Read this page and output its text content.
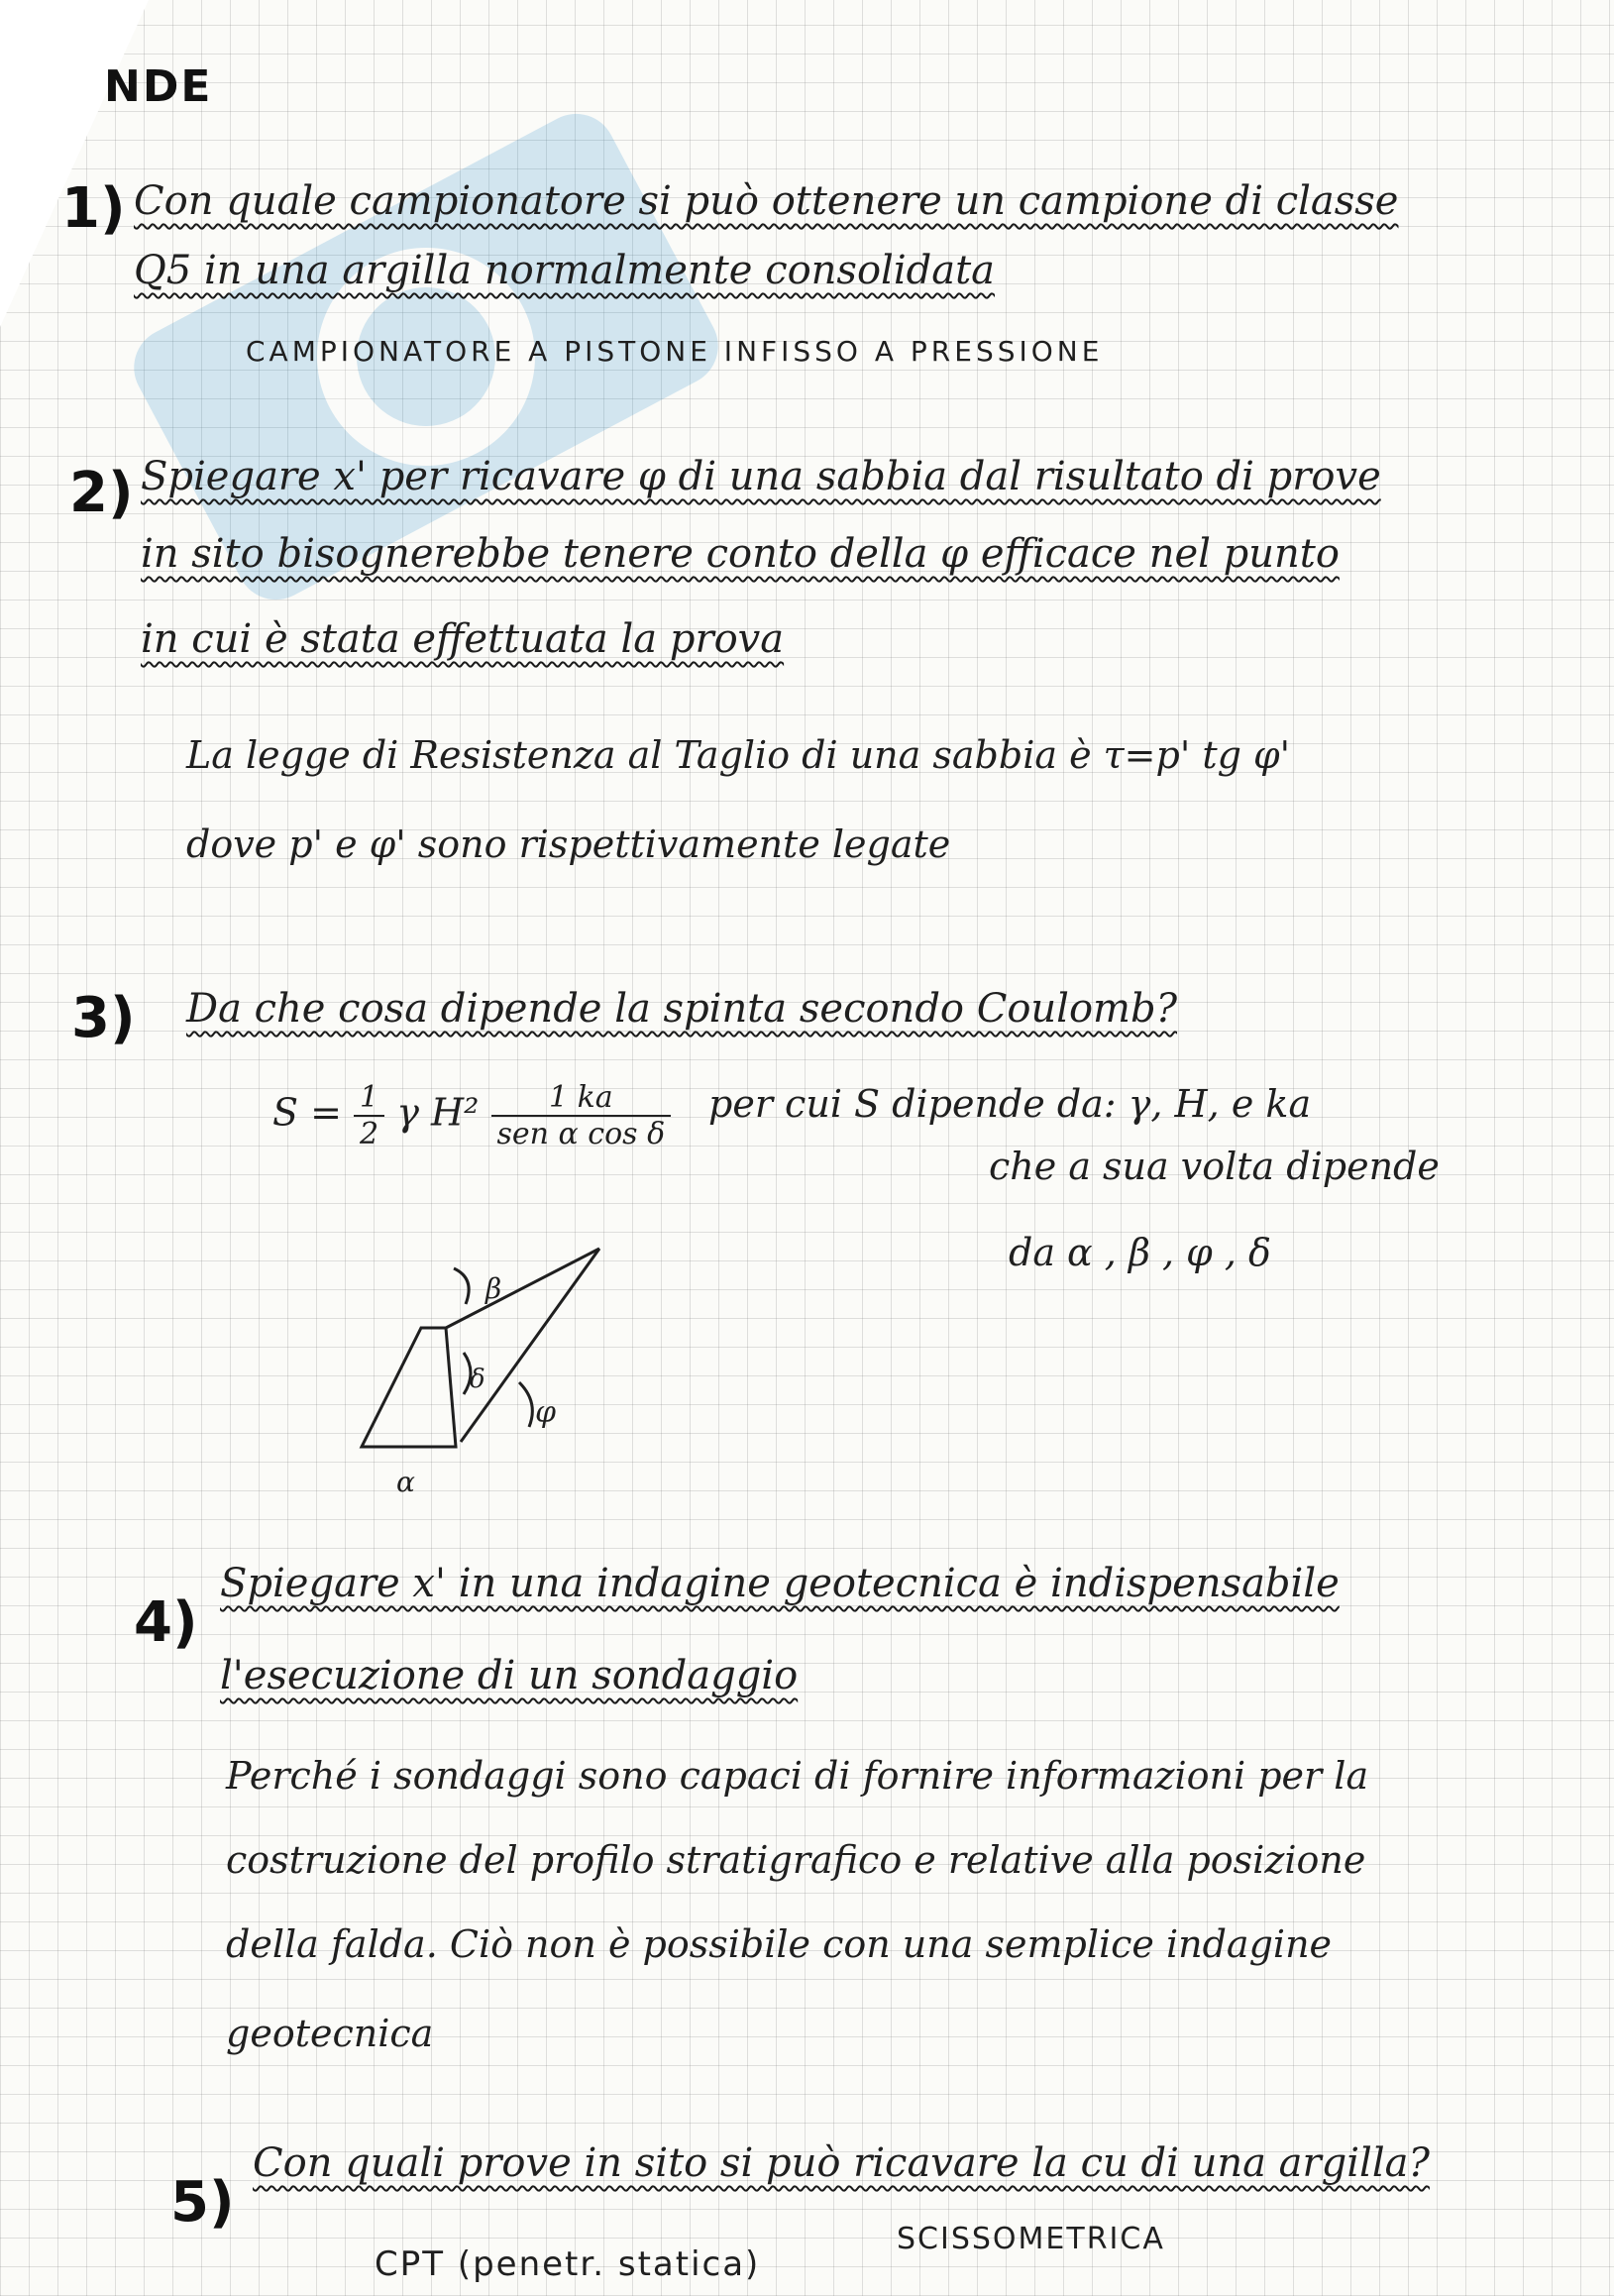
NDE
1) Con quale campionatore si può ottenere un campione di classe
Q5 in una argilla normalmente consolidata
CAMPIONATORE A PISTONE INFISSO A PRESSIONE
2) Spiegare x' per ricavare φ di una sabbia dal risultato di prove
in sito bisognerebbe tenere conto della φ efficace nel punto
in cui è stata effettuata la prova
La legge di Resistenza al Taglio di una sabbia è τ=p' tg φ'
dove p' e φ' sono rispettivamente legate
3) Da che cosa dipende la spinta secondo Coulomb?
$S = \frac{1}{2}$ γ $H^2 \frac{1 ka}{\text{sen α cos δ}}$ per cui S dipende da: γ, H, e ka
che a sua volta dipende
da α , β , φ , δ
β
δ
φ
α
4)
Spiegare x' in una indagine geotecnica è indispensabile
l'esecuzione di un sondaggio
Perché i sondaggi sono capaci di fornire informazioni per la
costruzione del profilo stratigrafico e relative alla posizione
della falda. Ciò non è possibile con una semplice indagine
geotecnica
5)
Con quali prove in sito si può ricavare la cu di una argilla?
CPT (penetr. statica)
SCISSOMETRICA
